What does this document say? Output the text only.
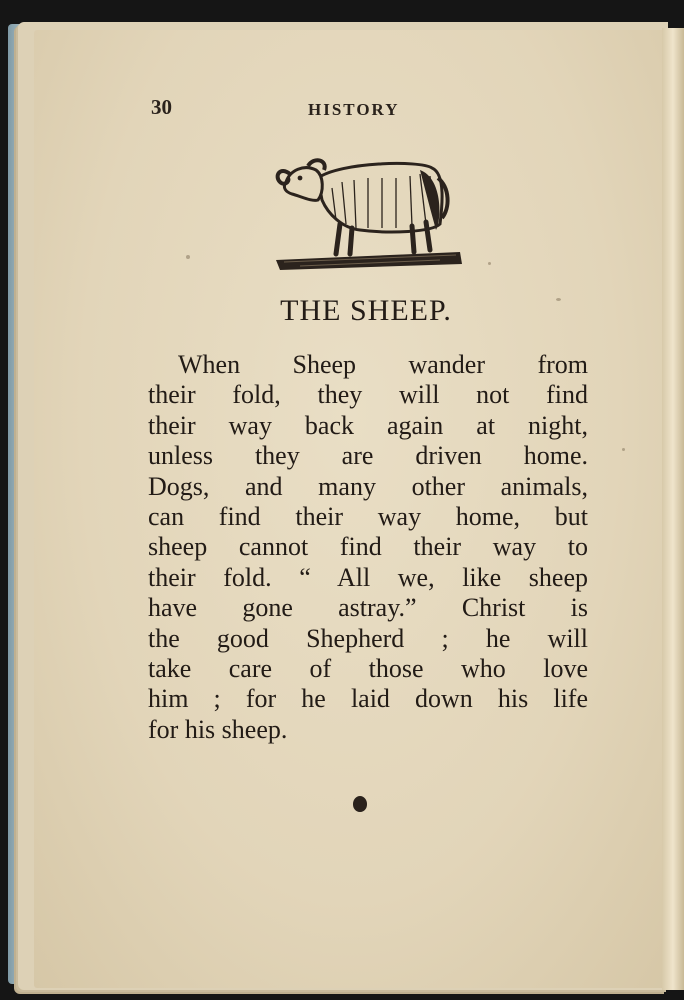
30	HISTORY
THE SHEEP.
When Sheep wander from
their fold, they will not find
their way back again at night,
unless they are driven home.
Dogs, and many other animals,
can find their way home, but
sheep cannot find their way to
their fold. “ All we, like sheep
have gone astray.” Christ is
the good Shepherd ; he will
take care of those who love
him ; for he laid down his life
for his sheep.
